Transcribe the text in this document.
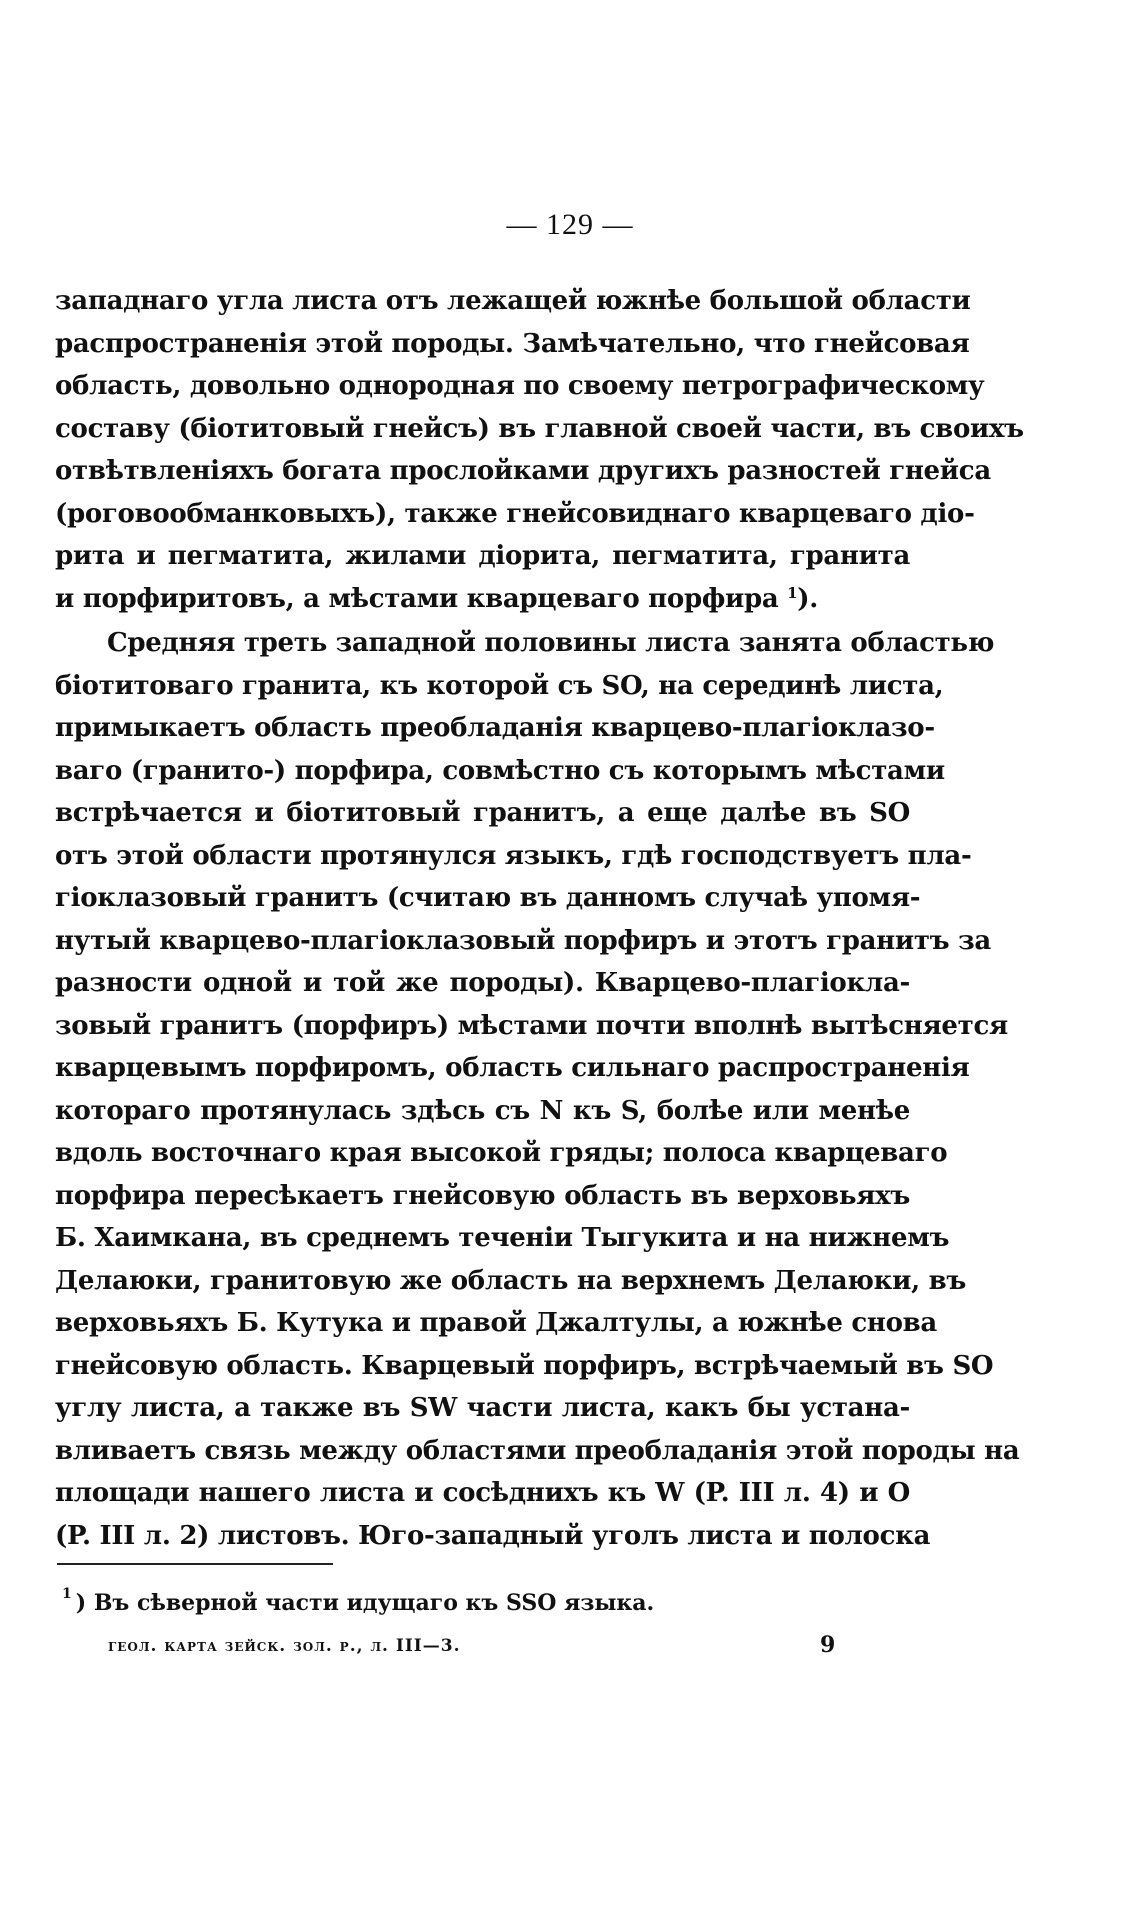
— 129 —
западнаго угла листа отъ лежащей южнѣе большой области
распространенія этой породы. Замѣчательно, что гнейсовая
область, довольно однородная по своему петрографическому
составу (біотитовый гнейсъ) въ главной своей части, въ своихъ
отвѣтвленіяхъ богата прослойками другихъ разностей гнейса
(роговообманковыхъ), также гнейсовиднаго кварцеваго діо-
рита и пегматита, жилами діорита, пегматита, гранита
и порфиритовъ, а мѣстами кварцеваго порфира $^1$).
Средняя треть западной половины листа занята областью
біотитоваго гранита, къ которой съ SO, на серединѣ листа,
примыкаетъ область преобладанія кварцево-плагіоклазо-
ваго (гранито-) порфира, совмѣстно съ которымъ мѣстами
встрѣчается и біотитовый гранитъ, а еще далѣе въ SO
отъ этой области протянулся языкъ, гдѣ господствуетъ пла-
гіоклазовый гранитъ (считаю въ данномъ случаѣ упомя-
нутый кварцево-плагіоклазовый порфиръ и этотъ гранитъ за
разности одной и той же породы). Кварцево-плагіокла-
зовый гранитъ (порфиръ) мѣстами почти вполнѣ вытѣсняется
кварцевымъ порфиромъ, область сильнаго распространенія
котораго протянулась здѣсь съ N къ S, болѣе или менѣе
вдоль восточнаго края высокой гряды; полоса кварцеваго
порфира пересѣкаетъ гнейсовую область въ верховьяхъ
Б. Хаимкана, въ среднемъ теченіи Тыгукита и на нижнемъ
Делаюки, гранитовую же область на верхнемъ Делаюки, въ
верховьяхъ Б. Кутука и правой Джалтулы, а южнѣе снова
гнейсовую область. Кварцевый порфиръ, встрѣчаемый въ SO
углу листа, а также въ SW части листа, какъ бы устана-
вливаетъ связь между областями преобладанія этой породы на
площади нашего листа и сосѣднихъ къ W (P. III л. 4) и O
(P. III л. 2) листовъ. Юго-западный уголъ листа и полоска
$^1$ ) Въ сѣверной части идущаго къ SSO языка.
геол. карта зейск. зол. р., л. III—3.	9
